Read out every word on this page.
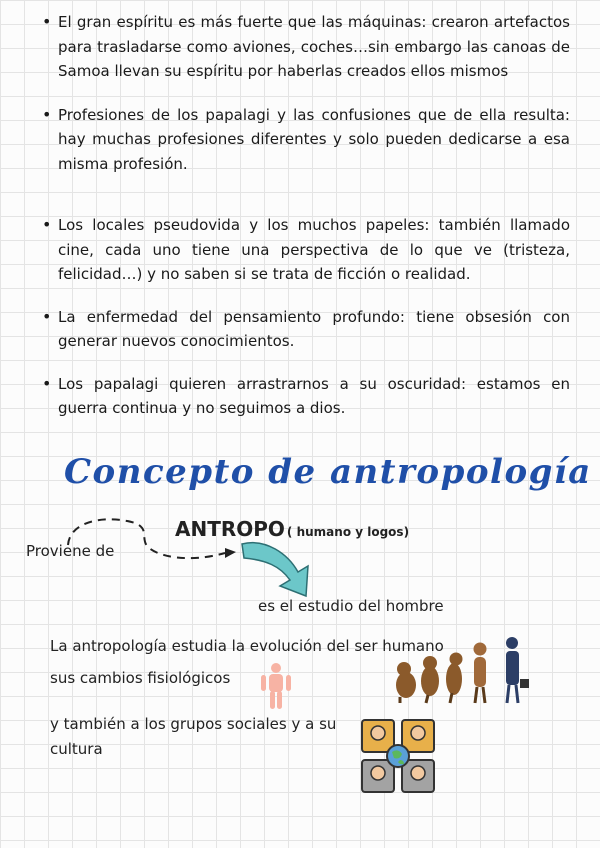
• El gran espíritu es más fuerte que las máquinas: crearon artefactos para trasladarse como aviones, coches…sin embargo las canoas de Samoa llevan su espíritu por haberlas creados ellos mismos
• Profesiones de los papalagi y las confusiones que de ella resulta: hay muchas profesiones diferentes y solo pueden dedicarse a esa misma profesión.
• Los locales pseudovida y los muchos papeles: también llamado cine, cada uno tiene una perspectiva de lo que ve (tristeza, felicidad…) y no saben si se trata de ficción o realidad.
• La enfermedad del pensamiento profundo: tiene obsesión con generar nuevos conocimientos.
• Los papalagi quieren arrastrarnos a su oscuridad: estamos en guerra continua y no seguimos a dios.
Concepto de antropología
Proviene de
ANTROPO ( humano y logos)
es el estudio del hombre
La antropología estudia la evolución del ser humano
sus cambios fisiológicos
y también a los grupos sociales y a su
cultura
